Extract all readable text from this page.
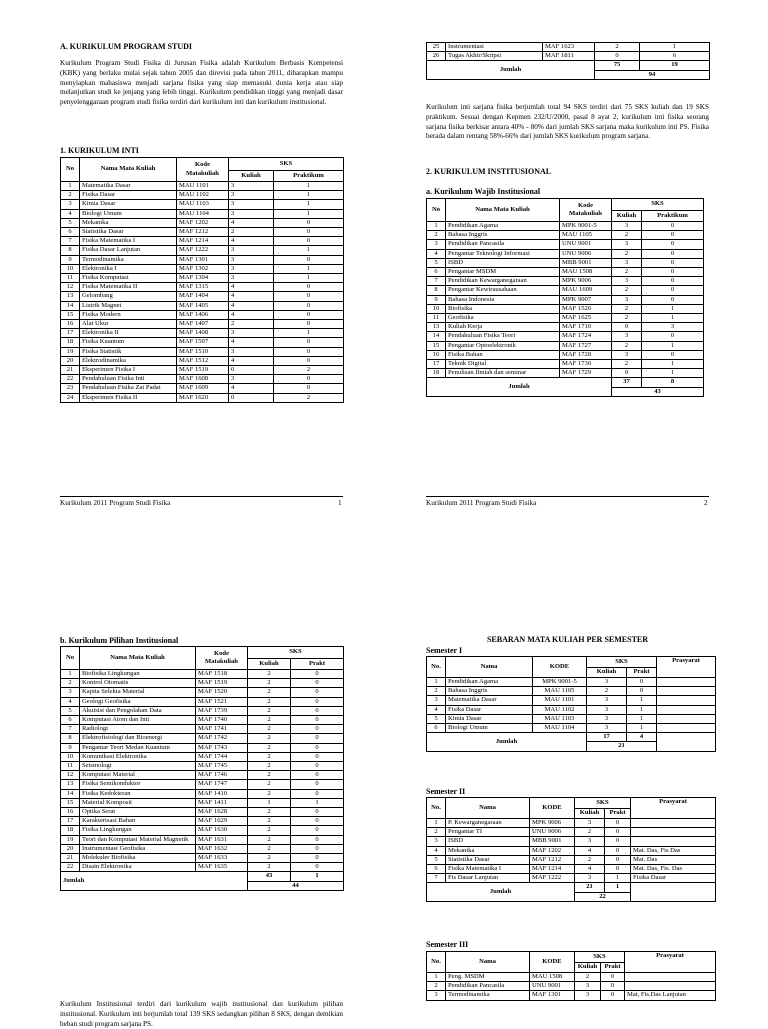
A. KURIKULUM PROGRAM STUDI

Kurikulum Program Studi Fisika di Jurusan Fisika adalah Kurikulum Berbasis Kompetensi (KBK) yang berlaku mulai sejak tahun 2005 dan direvisi pada tahun 2011, diharapkan mampu menyiapkan mahasiswa menjadi sarjana fisika yang siap memasuki dunia kerja atau siap melanjutkan studi ke jenjang yang lebih tinggi. Kurikulum pendidikan tinggi yang menjadi dasar penyelenggaraan program studi fisika terdiri dari kurikulum inti dan kurikulum institusional.

1. KURIKULUM INTI
No	Nama Mata Kuliah	Kode Matakuliah	SKS	
			Kuliah	Praktikum
1	Matematika Dasar	MAU 1101	3	1
2	Fisika Dasar	MAU 1102	3	1
3	Kimia Dasar	MAU 1103	3	1
4	Biologi Umum	MAU 1104	3	1
5	Mekanika	MAF 1202	4	0
6	Statistika Dasar	MAF 1212	2	0
7	Fisika Matematika I	MAF 1214	4	0
8	Fisika Dasar Lanjutan	MAF 1222	3	1
9	Termodinamika	MAF 1301	3	0
10	Elektronika I	MAF 1302	3	1
11	Fisika Komputasi	MAF 1304	3	1
12	Fisika Matematika II	MAF 1315	4	0
13	Gelombang	MAF 1404	4	0
14	Listrik Magnet	MAF 1405	4	0
15	Fisika Modern	MAF 1406	4	0
16	Alat Ukur	MAF 1407	2	0
17	Elektronika II	MAF 1408	3	1
18	Fisika Kuantum	MAF 1507	4	0
19	Fisika Statistik	MAF 1510	3	0
20	Elektrodinamika	MAF 1512	4	0
21	Eksperimen Fisika I	MAF 1519	0	2
22	Pendahuluan Fisika Inti	MAF 1608	3	0
23	Pendahuluan Fisika Zat Padat	MAF 1609	4	0
24	Eksperimen Fisika II	MAF 1620	0	2
Kurikulum 2011 Program Studi Fisika	1
25	Instrumentasi	MAF 1623	2	1
26	Tugas Akhir/Skripsi	MAF 1811	0	6
Jumlah			75	19
			94	

Kurikulum inti sarjana fisika berjumlah total 94 SKS terdiri dari 75 SKS kuliah dan 19 SKS praktikum. Sesuai dengan Kepmen 232/U/2000, pasal 8 ayat 2, kurikulum inti fisika seorang sarjana fisika berkisar antara 40% - 80% dari jumlah SKS sarjana maka kurikulum inti PS. Fisika berada dalam rentang 58%-66% dari jumlah SKS kurikulum program sarjana.

2. KURIKULUM INSTITUSIONAL
a. Kurikulum Wajib Institusional
No	Nama Mata Kuliah	Kode Matakuliah	SKS	
			Kuliah	Praktikum
1	Pendidikan Agama	MPK 9001-5	3	0
2	Bahasa Inggris	MAU 1105	2	0
3	Pendidikan Pancasila	UNU 9001	3	0
4	Pengantar Teknologi Informasi	UNU 9006	2	0
5	ISBD	MBB 9001	3	0
6	Pengantar MSDM	MAU 1508	2	0
7	Pendidikan Kewarganegaraan	MPK 9006	3	0
8	Pengantar Kewirausahaan	MAU 1609	2	0
9	Bahasa Indonesia	MPK 9007	3	0
10	Biofisika	MAF 1526	2	1
11	Geofisika	MAF 1625	2	1
13	Kuliah Kerja	MAF 1710	0	3
14	Pendahuluan Fisika Teori	MAF 1724	3	0
15	Pengantar Optoelektronik	MAF 1727	2	1
16	Fisika Bahan	MAF 1728	3	0
17	Teknik Digital	MAF 1730	2	1
18	Penulisan Ilmiah dan seminar	MAF 1729	0	1
Jumlah			37	8
			43	
Kurikulum 2011 Program Studi Fisika	2
b. Kurikulum Pilihan Institusional
No	Nama Mata Kuliah	Kode Matakuliah	SKS	
			Kuliah	Prakt
1	Biofisika Lingkungan	MAF 1518	2	0
2	Kontrol Otomatis	MAF 1519	2	0
3	Kapita Selekta Material	MAF 1520	2	0
4	Geologi Geofisika	MAF 1521	2	0
5	Akuisisi dan Pengolahan Data	MAF 1739	2	0
6	Komputasi Atom dan Inti	MAF 1740	2	0
7	Radiologi	MAF 1741	2	0
8	Elektrofisiologi dan Bioenergi	MAF 1742	2	0
9	Pengantar Teori Medan Kuantum	MAF 1743	2	0
10	Komunikasi Elektronika	MAF 1744	2	0
11	Seismologi	MAF 1745	2	0
12	Komputasi Material	MAF 1746	2	0
13	Fisika Semikonduktor	MAF 1747	2	0
14	Fisika Kedokteran	MAF 1410	2	0
15	Material Komposit	MAF 1411	1	1
16	Optika Serat	MAF 1628	2	0
17	Karakterisasi Bahan	MAF 1629	2	0
18	Fisika Lingkungan	MAF 1630	2	0
19	Teori dan Komputasi Material Magnetik	MAF 1631	2	0
20	Instrumentasi Geofisika	MAF 1632	2	0
21	Molekuler Biofisika	MAF 1633	2	0
22	Disain Elektronika	MAF 1635	2	0
Jumlah			43	1
			44	

Kurikulum Institusional terdiri dari kurikulum wajib institusional dan kurikulum pilihan institusional. Kurikulum inti berjumlah total 139 SKS sedangkan pilihan 8 SKS, dengan demikian beban studi program sarjana PS.

SEBARAN MATA KULIAH PER SEMESTER
Semester I
No.	Nama	KODE	SKS		Prasyarat
			Kuliah	Prakt	
1	Pendidikan Agama	MPK 9001-5	3	0	
2	Bahasa Inggris	MAU 1105	2	0	
3	Matematika Dasar	MAU 1101	3	1	
4	Fisika Dasar	MAU 1102	3	1	
5	Kimia Dasar	MAU 1103	3	1	
6	Biologi Umum	MAU 1104	3	1	
Jumlah			17	4	
			21		
Semester II
No.	Nama	KODE	SKS		Prasyarat
			Kuliah	Prakt	
1	P. Kewarganegaraan	MPK 9006	3	0	
2	Pengantar TI	UNU 9006	2	0	
3	ISBD	MBB 9001	3	0	
4	Mekanika	MAF 1202	4	0	Mat. Das, Fis Das
5	Statistika Dasar	MAF 1212	2	0	Mat. Das
6	Fisika Matematika I	MAF 1214	4	0	Mat. Das, Fis. Das
7	Fis Dasar Lanjutan	MAF 1222	3	1	Fisika Dasar
Jumlah			21	1	
			22		
Semester III
No.	Nama	KODE	SKS		Prasyarat
			Kuliah	Prakt	
1	Peng. MSDM	MAU 1508	2	0	
2	Pendidikan Pancasila	UNU 9001	3	0	
3	Termodinamika	MAF 1301	3	0	Mat, Fis.Das Lanjutan
